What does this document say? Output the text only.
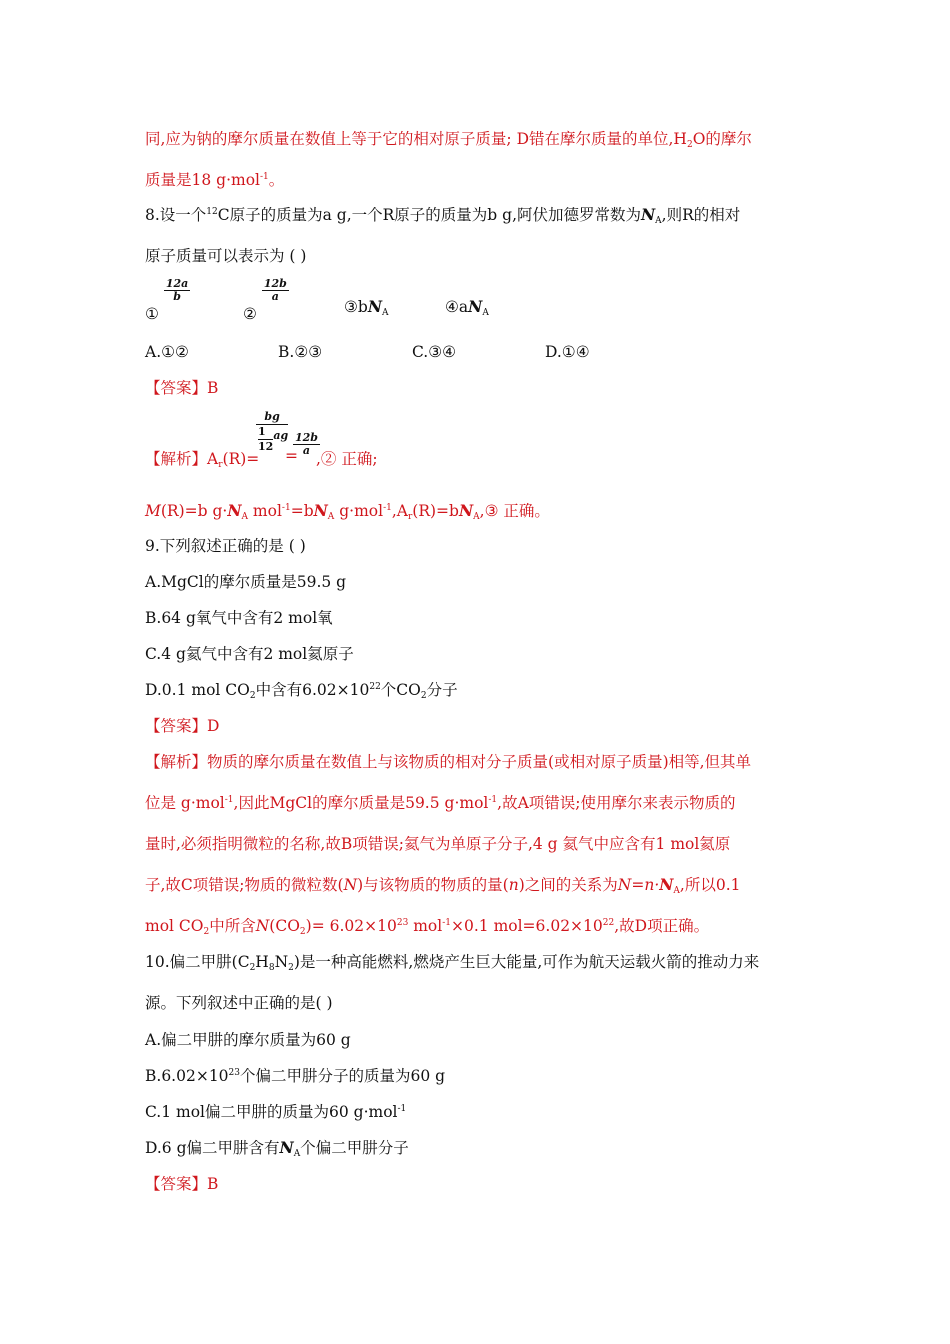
同,应为钠的摩尔质量在数值上等于它的相对原子质量; D错在摩尔质量的单位$,H_2O$的摩尔
质量是18 g·mol$^{-1}$。
8.设一个$^{12}$C原子的质量为a g,一个R原子的质量为b g,阿伏加德罗常数为$N_A$,则R的相对
原子质量可以表示为 ( )
①
$\frac{12a}{b}$
②
$\frac{12b}{a}$
$③bN_A$	$④aN_A$
A.①②	B.②③	C.③④	D.①④
【答案】B
【解析】$A_r(R)=$
bg
$\frac{1}{12}$ ag
=
$\frac{12b}{a}$
,② 正确;
M(R)=b $g\cdot N_A$ $mol^{-1}=bN_A$ $g\cdot mol^{-1},A_r(R)=bN_A,③$ 正确。
9.下列叙述正确的是 ( )
A.MgCl的摩尔质量是59.5 g
B.64 g氧气中含有2 mol氧
C.4 g氦气中含有2 mol氦原子
D.0.1 mol $CO_2$中含有$6.02\times 10^{22}$个$CO_2$分子
【答案】D
【解析】物质的摩尔质量在数值上与该物质的相对分子质量(或相对原子质量)相等,但其单
位是 g·mol$^{-1}$,因此MgCl的摩尔质量是59.5 g·mol$^{-1}$,故A项错误;使用摩尔来表示物质的
量时,必须指明微粒的名称,故B项错误;氦气为单原子分子,4 g 氦气中应含有1 mol氦原
子,故C项错误;物质的微粒数(N)与该物质的物质的量(n)之间的关系为$N=n\cdot N_A$,所以0.1
mol $CO_2$中所含$N(CO_2)= 6.02\times 10^{23}$ mol$^{-1}$×0.1 $mol=6.02\times 10^{22}$,故D项正确。
10.偏二甲肼$(C_2H_8N_2)$是一种高能燃料,燃烧产生巨大能量,可作为航天运载火箭的推动力来
源。下列叙述中正确的是( )
A.偏二甲肼的摩尔质量为60 g
$B.6.02\times 10^{23}$个偏二甲肼分子的质量为60 g
C.1 mol偏二甲肼的质量为60 g·mol$^{-1}$
D.6 g偏二甲肼含有$N_A$个偏二甲肼分子
【答案】B
